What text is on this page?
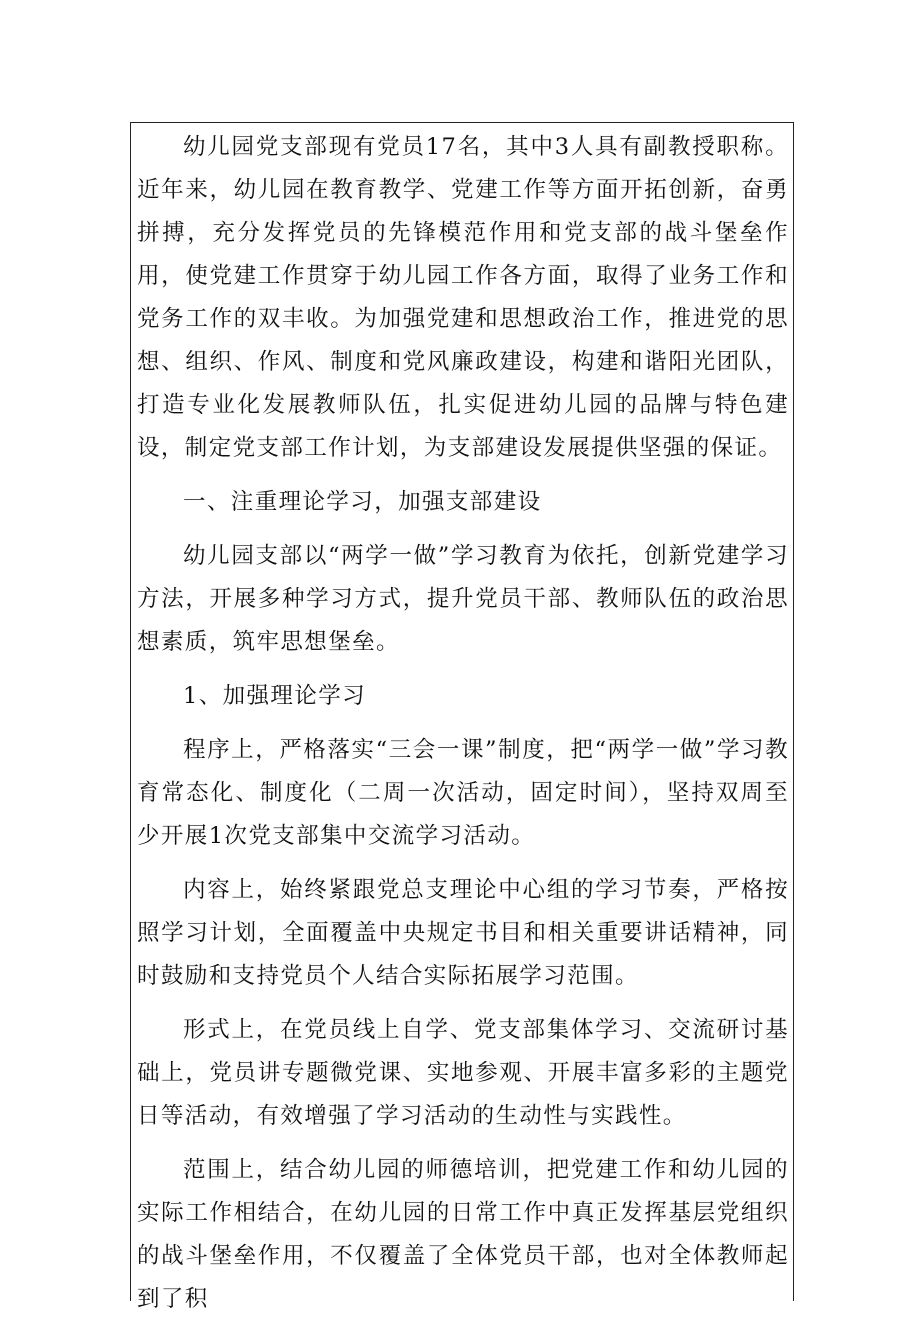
幼儿园党支部现有党员17名，其中3人具有副教授职称。近年来，幼儿园在教育教学、党建工作等方面开拓创新，奋勇拼搏，充分发挥党员的先锋模范作用和党支部的战斗堡垒作用，使党建工作贯穿于幼儿园工作各方面，取得了业务工作和党务工作的双丰收。为加强党建和思想政治工作，推进党的思想、组织、作风、制度和党风廉政建设，构建和谐阳光团队，打造专业化发展教师队伍，扎实促进幼儿园的品牌与特色建设，制定党支部工作计划，为支部建设发展提供坚强的保证。

一、注重理论学习，加强支部建设

幼儿园支部以“两学一做”学习教育为依托，创新党建学习方法，开展多种学习方式，提升党员干部、教师队伍的政治思想素质，筑牢思想堡垒。

1、加强理论学习

程序上，严格落实“三会一课”制度，把“两学一做”学习教育常态化、制度化（二周一次活动，固定时间），坚持双周至少开展1次党支部集中交流学习活动。

内容上，始终紧跟党总支理论中心组的学习节奏，严格按照学习计划，全面覆盖中央规定书目和相关重要讲话精神，同时鼓励和支持党员个人结合实际拓展学习范围。

形式上，在党员线上自学、党支部集体学习、交流研讨基础上，党员讲专题微党课、实地参观、开展丰富多彩的主题党日等活动，有效增强了学习活动的生动性与实践性。

范围上，结合幼儿园的师德培训，把党建工作和幼儿园的实际工作相结合，在幼儿园的日常工作中真正发挥基层党组织的战斗堡垒作用，不仅覆盖了全体党员干部，也对全体教师起到了积
